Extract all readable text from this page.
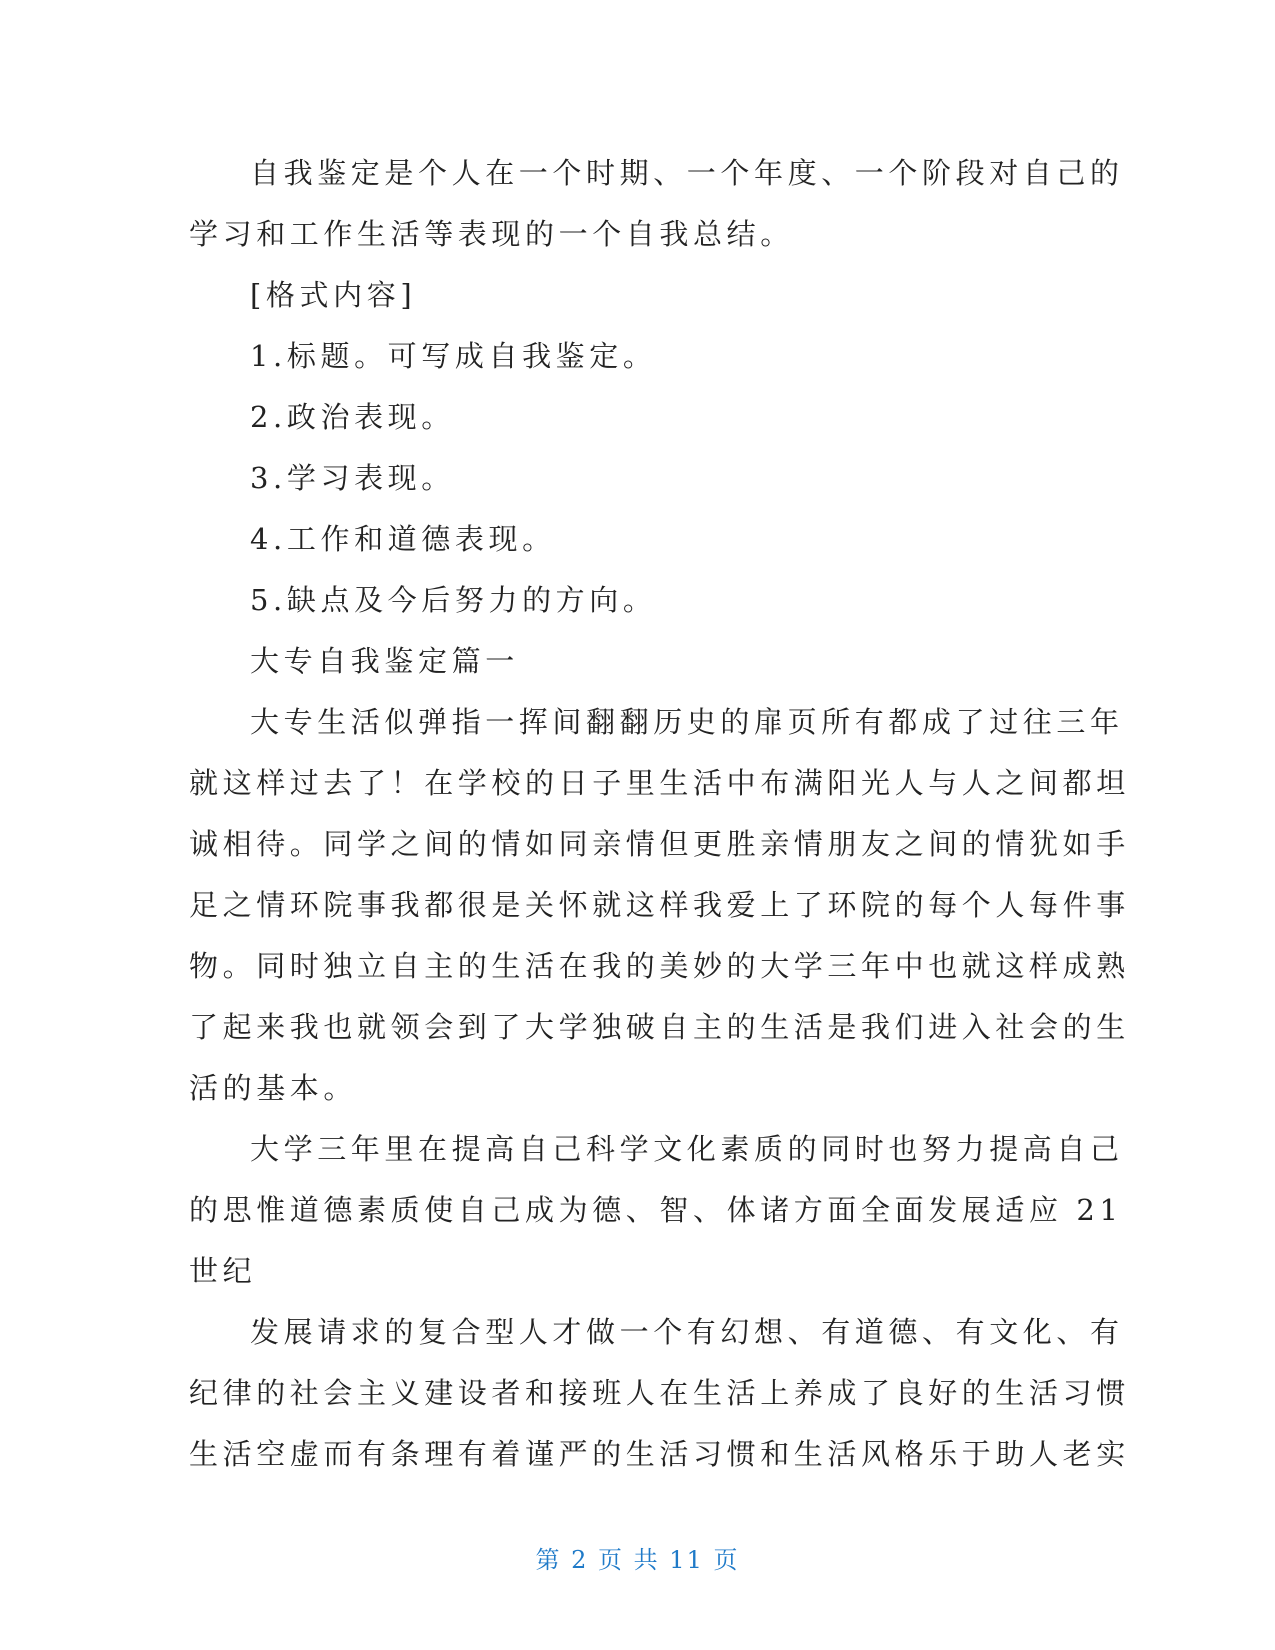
自我鉴定是个人在一个时期、一个年度、一个阶段对自己的
学习和工作生活等表现的一个自我总结。
[格式内容]
1.标题。可写成自我鉴定。
2.政治表现。
3.学习表现。
4.工作和道德表现。
5.缺点及今后努力的方向。
大专自我鉴定篇一
大专生活似弹指一挥间翻翻历史的扉页所有都成了过往三年
就这样过去了！在学校的日子里生活中布满阳光人与人之间都坦
诚相待。同学之间的情如同亲情但更胜亲情朋友之间的情犹如手
足之情环院事我都很是关怀就这样我爱上了环院的每个人每件事
物。同时独立自主的生活在我的美妙的大学三年中也就这样成熟
了起来我也就领会到了大学独破自主的生活是我们进入社会的生
活的基本。
大学三年里在提高自己科学文化素质的同时也努力提高自己
的思惟道德素质使自己成为德、智、体诸方面全面发展适应 21
世纪
发展请求的复合型人才做一个有幻想、有道德、有文化、有
纪律的社会主义建设者和接班人在生活上养成了良好的生活习惯
生活空虚而有条理有着谨严的生活习惯和生活风格乐于助人老实
第 2 页 共 11 页
